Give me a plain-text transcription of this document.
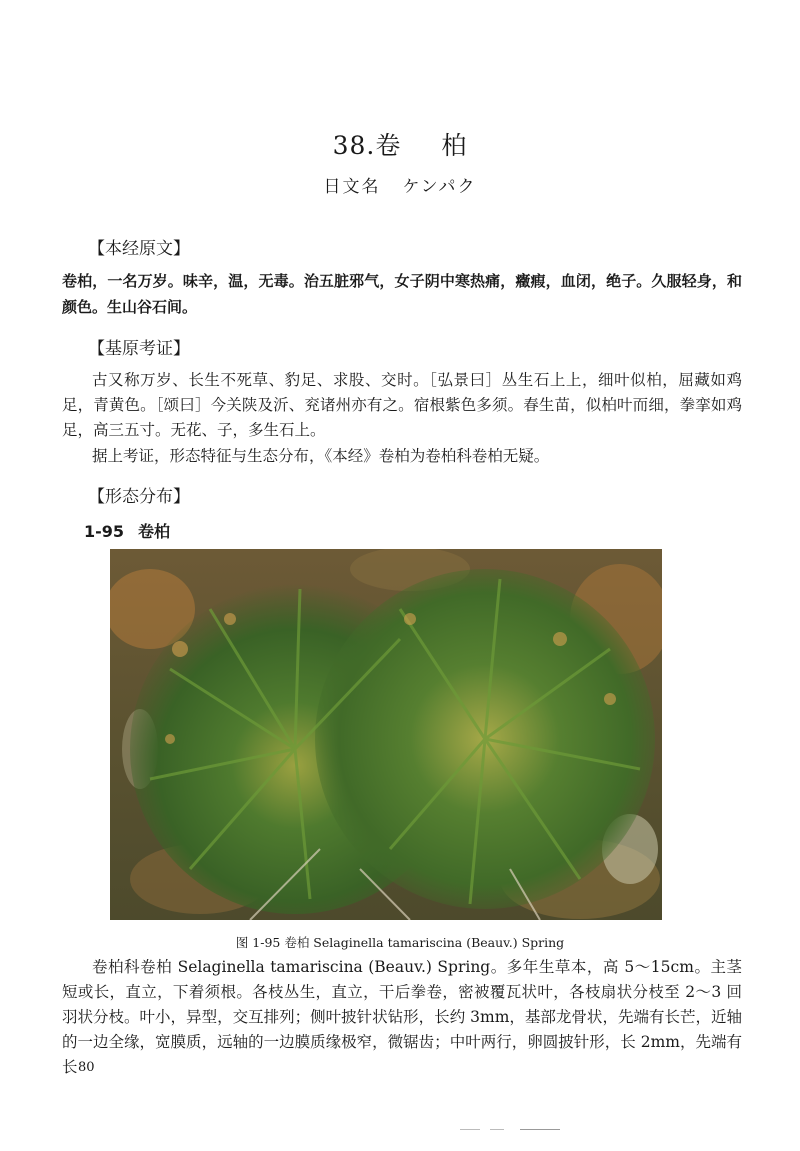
38.卷 柏
日文名 ケンパク
【本经原文】
卷柏，一名万岁。味辛，温，无毒。治五脏邪气，女子阴中寒热痛，癥瘕，血闭，绝子。久服轻身，和颜色。生山谷石间。
【基原考证】
古又称万岁、长生不死草、豹足、求股、交时。［弘景曰］丛生石上上，细叶似柏，屈藏如鸡足，青黄色。［颂曰］今关陕及沂、兖诸州亦有之。宿根紫色多须。春生苗，似柏叶而细，拳挛如鸡足，高三五寸。无花、子，多生石上。
据上考证，形态特征与生态分布，《本经》卷柏为卷柏科卷柏无疑。
【形态分布】
1-95 卷柏
图 1-95 卷柏 Selaginella tamariscina (Beauv.) Spring
卷柏科卷柏 Selaginella tamariscina (Beauv.) Spring。多年生草本，高 5～15cm。主茎短或长，直立，下着须根。各枝丛生，直立，干后拳卷，密被覆瓦状叶，各枝扇状分枝至 2～3 回羽状分枝。叶小，异型，交互排列；侧叶披针状钻形，长约 3mm，基部龙骨状，先端有长芒，近轴的一边全缘，宽膜质，远轴的一边膜质缘极窄，微锯齿；中叶两行，卵圆披针形，长 2mm，先端有长 80
